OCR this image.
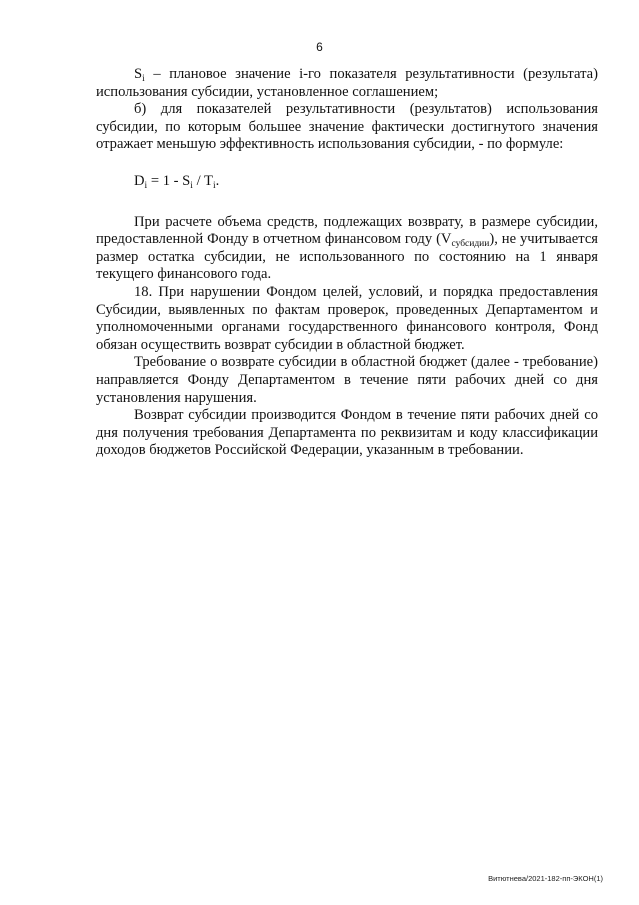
6

$S_i$ – плановое значение i-го показателя результативности (результата) использования субсидии, установленное соглашением;

б) для показателей результативности (результатов) использования субсидии, по которым большее значение фактически достигнутого значения отражает меньшую эффективность использования субсидии, - по формуле:

$D_i = 1 - S_i / T_i$.

При расчете объема средств, подлежащих возврату, в размере субсидии, предоставленной Фонду в отчетном финансовом году $(V_{субсидии})$, не учитывается размер остатка субсидии, не использованного по состоянию на 1 января текущего финансового года.

18. При нарушении Фондом целей, условий, и порядка предоставления Субсидии, выявленных по фактам проверок, проведенных Департаментом и уполномоченными органами государственного финансового контроля, Фонд обязан осуществить возврат субсидии в областной бюджет.

Требование о возврате субсидии в областной бюджет (далее - требование) направляется Фонду Департаментом в течение пяти рабочих дней со дня установления нарушения.

Возврат субсидии производится Фондом в течение пяти рабочих дней со дня получения требования Департамента по реквизитам и коду классификации доходов бюджетов Российской Федерации, указанным в требовании.

Витютнева/2021-182-пп-ЭКОН(1)
